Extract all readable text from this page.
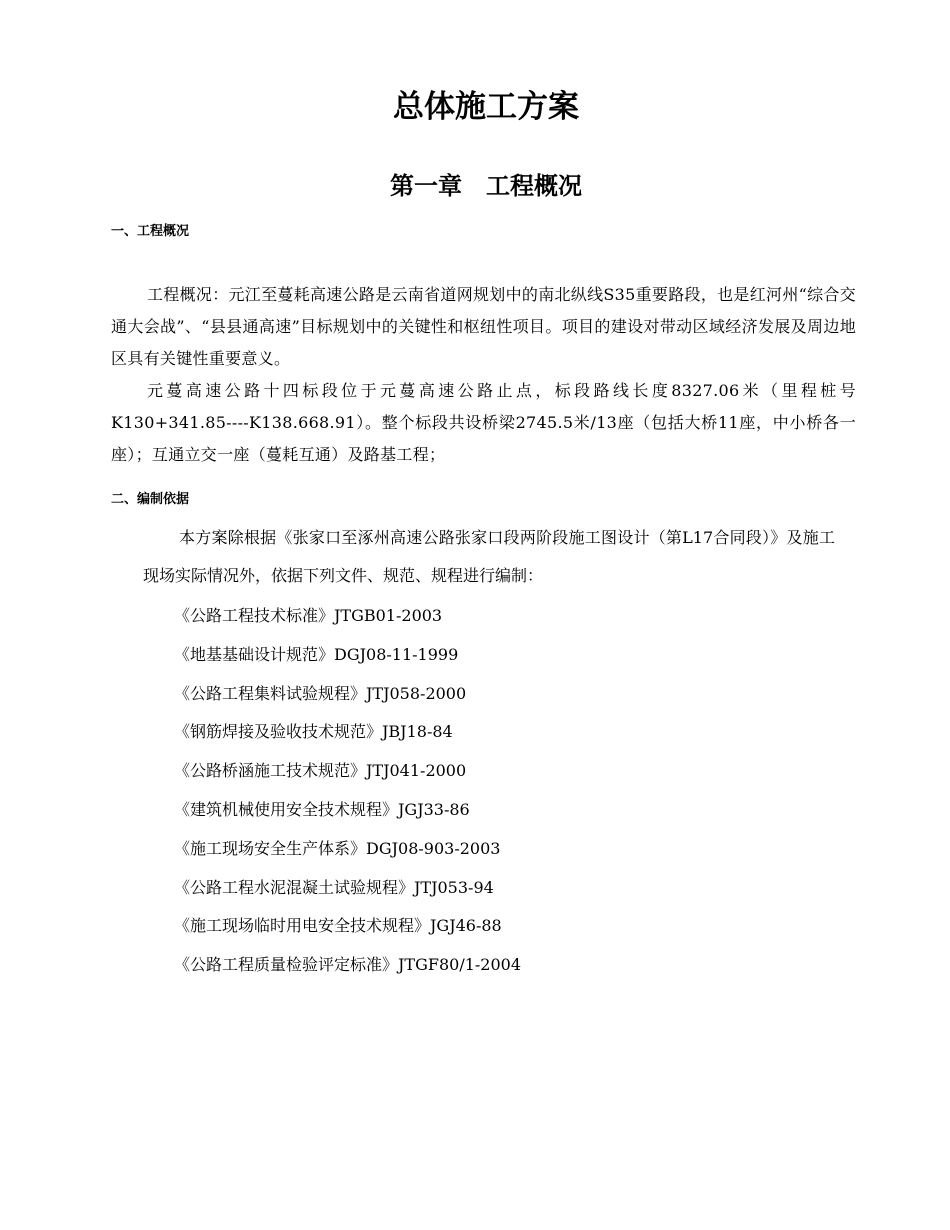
总体施工方案
第一章　工程概况
一、工程概况

工程概况：元江至蔓耗高速公路是云南省道网规划中的南北纵线S35重要路段，也是红河州“综合交通大会战”、“县县通高速”目标规划中的关键性和枢纽性项目。项目的建设对带动区域经济发展及周边地区具有关键性重要意义。

元蔓高速公路十四标段位于元蔓高速公路止点，标段路线长度8327.06米（里程桩号K130+341.85----K138.668.91）。整个标段共设桥梁2745.5米/13座（包括大桥11座，中小桥各一座）；互通立交一座（蔓耗互通）及路基工程；

二、编制依据

本方案除根据《张家口至涿州高速公路张家口段两阶段施工图设计（第L17合同段）》及施工现场实际情况外，依据下列文件、规范、规程进行编制：

《公路工程技术标准》JTGB01-2003
《地基基础设计规范》DGJ08-11-1999
《公路工程集料试验规程》JTJ058-2000
《钢筋焊接及验收技术规范》JBJ18-84
《公路桥涵施工技术规范》JTJ041-2000
《建筑机械使用安全技术规程》JGJ33-86
《施工现场安全生产体系》DGJ08-903-2003
《公路工程水泥混凝土试验规程》JTJ053-94
《施工现场临时用电安全技术规程》JGJ46-88
《公路工程质量检验评定标准》JTGF80/1-2004
